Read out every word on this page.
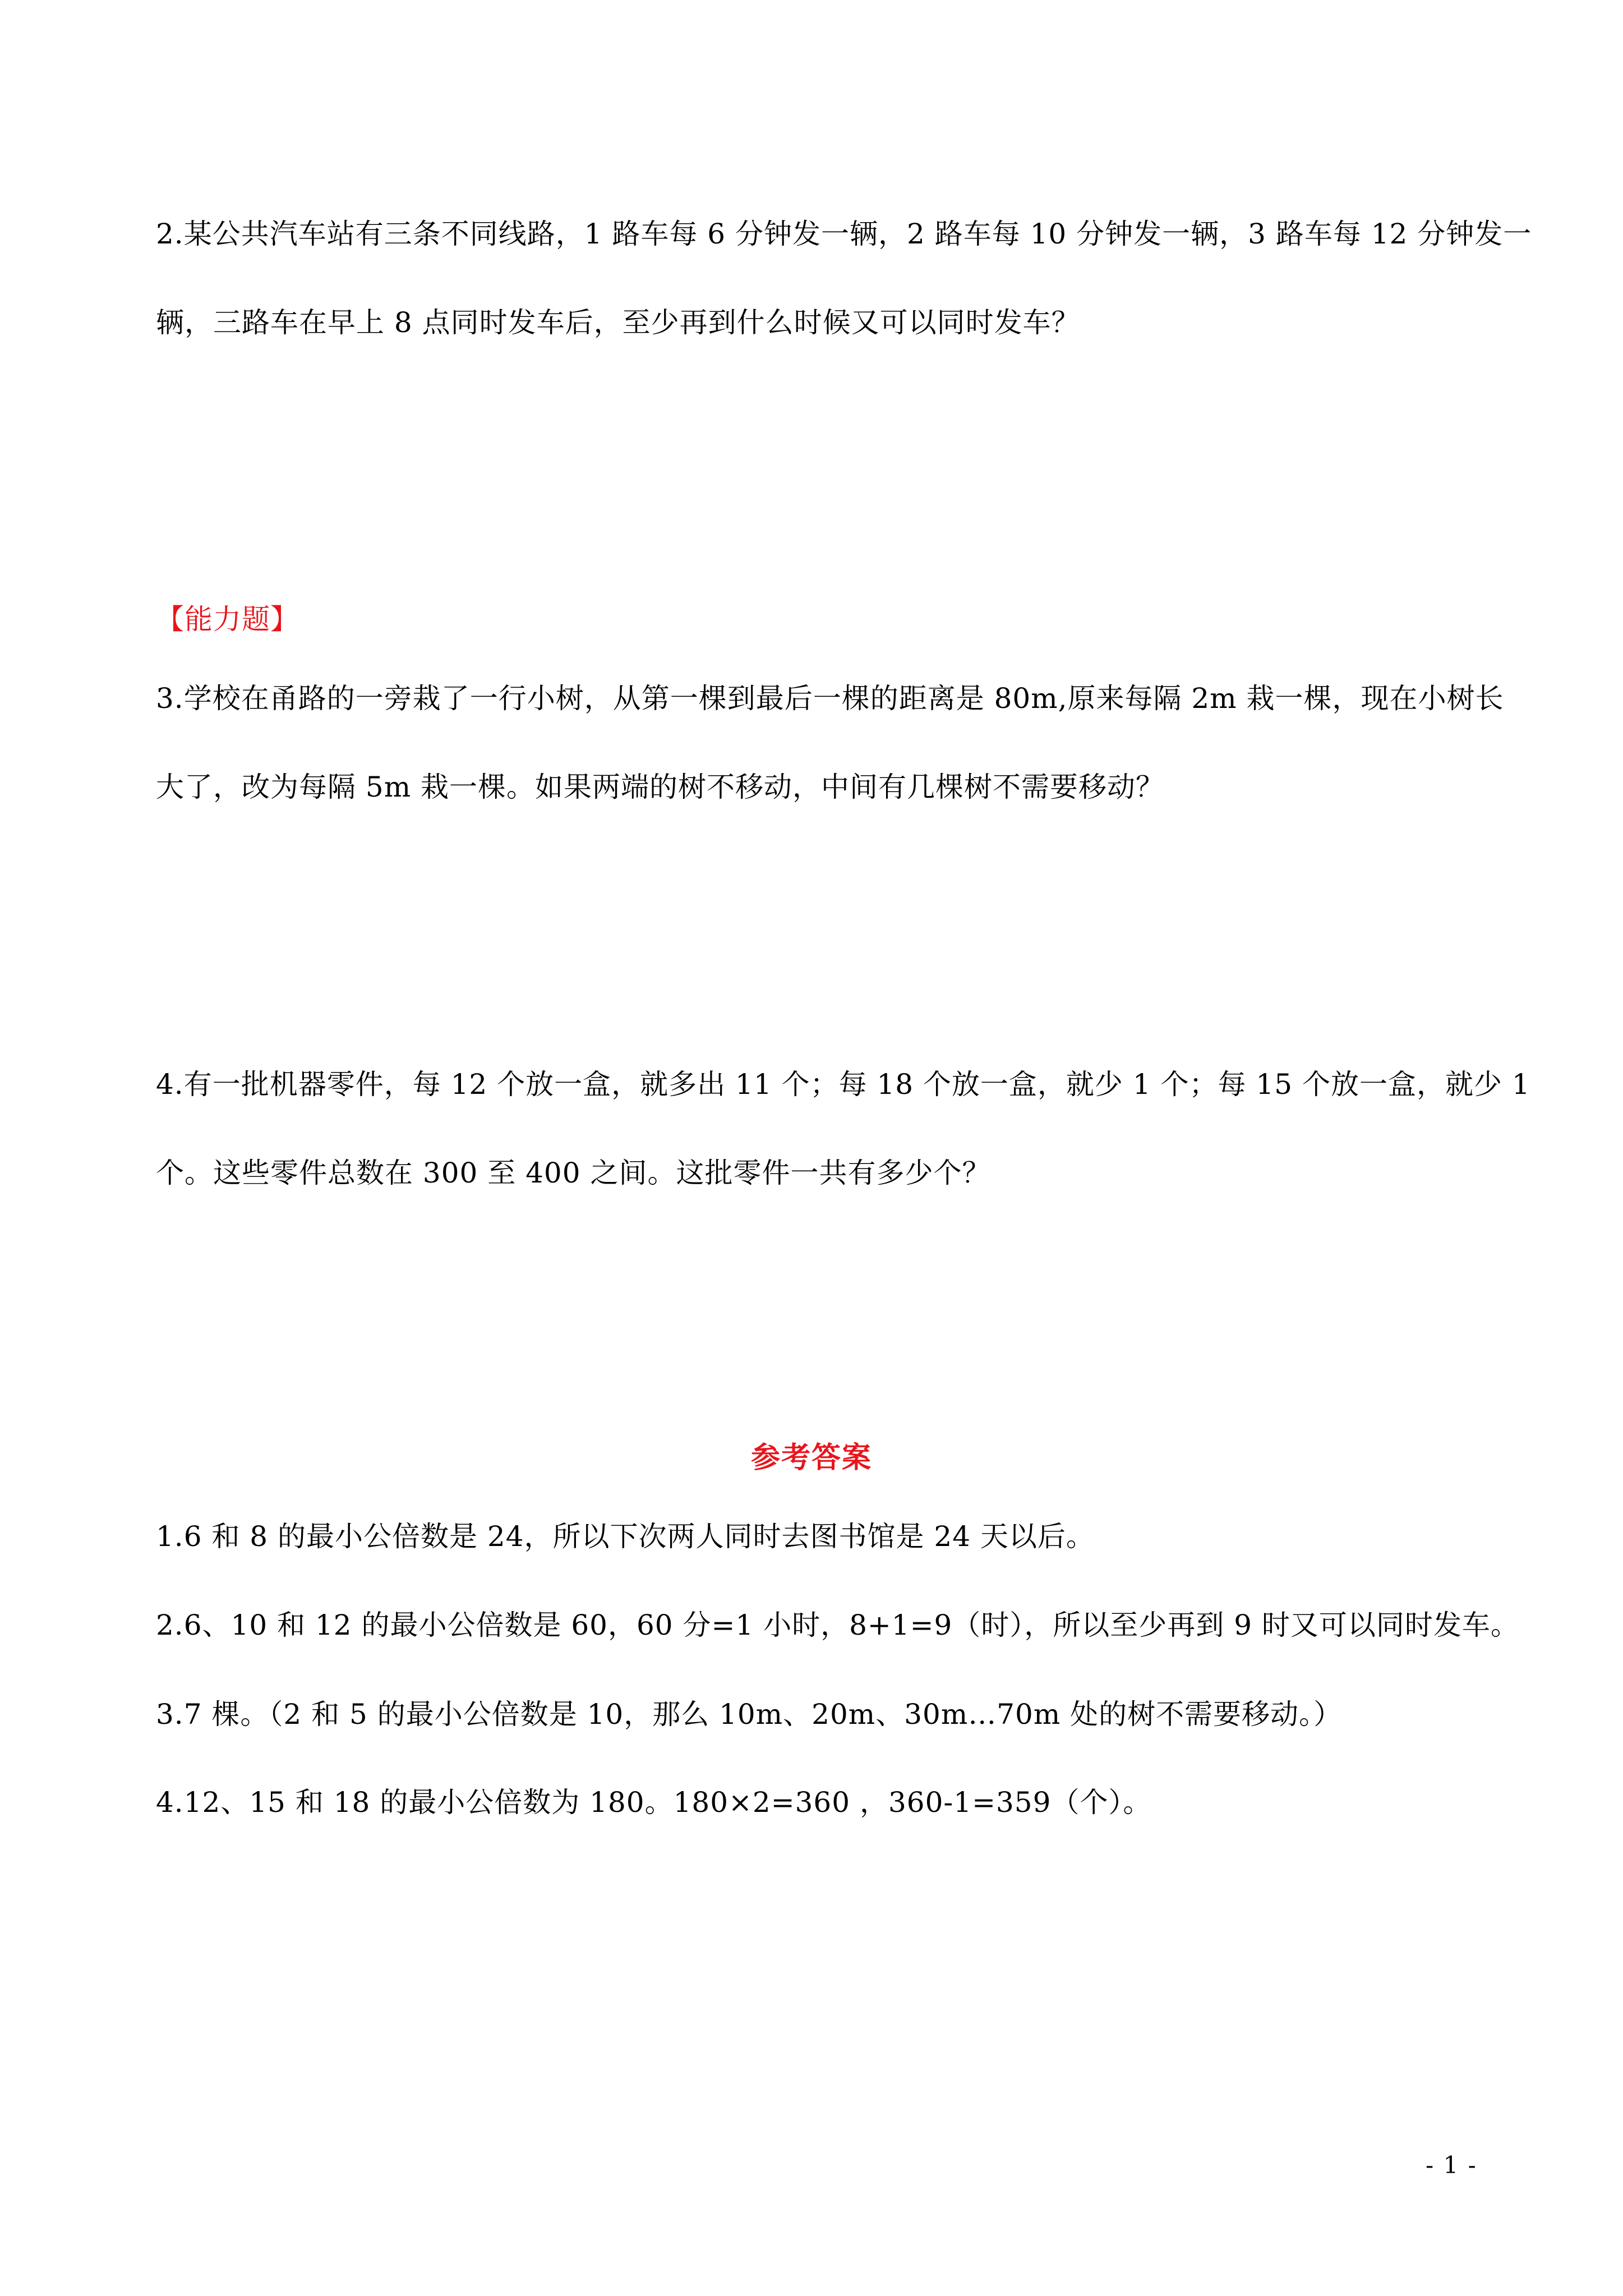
2.某公共汽车站有三条不同线路，1 路车每 6 分钟发一辆，2 路车每 10 分钟发一辆，3 路车每 12 分钟发一
辆，三路车在早上 8 点同时发车后，至少再到什么时候又可以同时发车？
【能力题】
3.学校在甬路的一旁栽了一行小树，从第一棵到最后一棵的距离是 80m,原来每隔 2m 栽一棵，现在小树长
大了，改为每隔 5m 栽一棵。如果两端的树不移动，中间有几棵树不需要移动？
4.有一批机器零件，每 12 个放一盒，就多出 11 个；每 18 个放一盒，就少 1 个；每 15 个放一盒，就少 1
个。这些零件总数在 300 至 400 之间。这批零件一共有多少个？
参考答案
1.6 和 8 的最小公倍数是 24，所以下次两人同时去图书馆是 24 天以后。
2.6、10 和 12 的最小公倍数是 60，60 分=1 小时，8+1=9（时），所以至少再到 9 时又可以同时发车。
3.7 棵。（2 和 5 的最小公倍数是 10，那么 10m、20m、30m…70m 处的树不需要移动。）
4.12、15 和 18 的最小公倍数为 180。180×2=360 ，360-1=359（个）。
- 1 -
